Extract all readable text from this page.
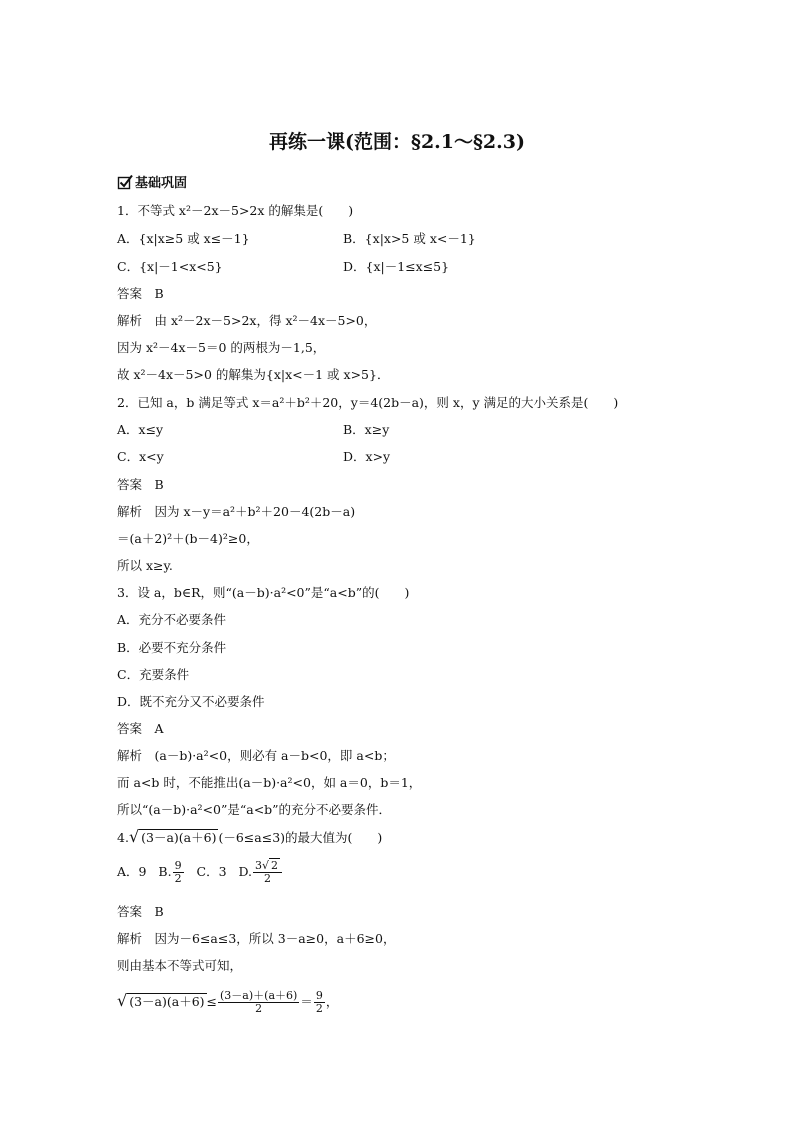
再练一课(范围：§2.1～§2.3)
基础巩固
1．不等式 x²－2x－5>2x 的解集是(　　)
A．{x|x≥5 或 x≤－1}	B．{x|x>5 或 x<－1}
C．{x|－1<x<5}	D．{x|－1≤x≤5}
答案　B
解析　由 x²－2x－5>2x，得 x²－4x－5>0，
因为 x²－4x－5＝0 的两根为－1,5，
故 x²－4x－5>0 的解集为{x|x<－1 或 x>5}．
2．已知 a，b 满足等式 x＝a²＋b²＋20，y＝4(2b－a)，则 x，y 满足的大小关系是(　　)
A．x≤y	B．x≥y
C．x<y	D．x>y
答案　B
解析　因为 x－y＝a²＋b²＋20－4(2b－a)
＝(a＋2)²＋(b－4)²≥0，
所以 x≥y.
3．设 a，b∈R，则“(a－b)·a²<0”是“a<b”的(　　)
A．充分不必要条件
B．必要不充分条件
C．充要条件
D．既不充分又不必要条件
答案　A
解析　(a－b)·a²<0，则必有 a－b<0，即 a<b；
而 a<b 时，不能推出(a－b)·a²<0，如 a＝0，b＝1，
所以“(a－b)·a²<0”是“a<b”的充分不必要条件．
4.√ (3－a)(a＋6) (－6≤a≤3)的最大值为(　　)
A．9 B. $\frac{9}{2}$ C．3 D. $\frac{3√ 2}{2}$
答案　B
解析　因为－6≤a≤3，所以 3－a≥0，a＋6≥0，
则由基本不等式可知，
√ $(3-a)(a+6) \le \frac{(3-a)+(a+6)}{2} = \frac{9}{2}$ ，
